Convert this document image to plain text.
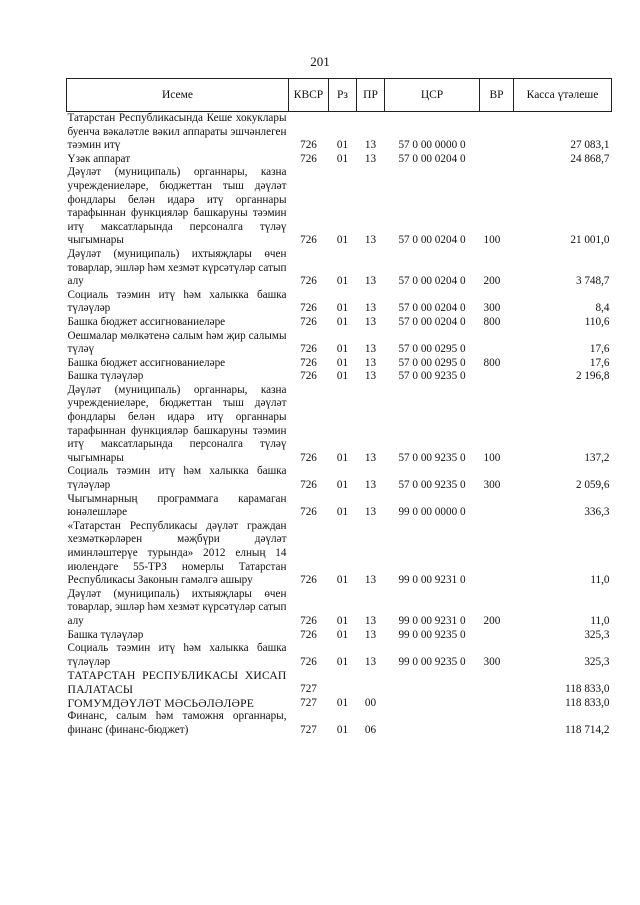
201
Исеме	КВСР	Рз	ПР	ЦСР	ВР	Касса үтәлеше
Татарстан Республикасында Кеше хокуклары буенча вәкаләтле вәкил аппараты эшчәнлеген тәэмин итү	726	01	13	57 0 00 0000 0		27 083,1
Үзәк аппарат	726	01	13	57 0 00 0204 0		24 868,7
Дәүләт (муниципаль) органнары, казна учреждениеләре, бюджеттан тыш дәүләт фондлары белән идарә итү органнары тарафыннан функцияләр башкаруны тәэмин итү максатларында персоналга түләү чыгымнары	726	01	13	57 0 00 0204 0	100	21 001,0
Дәүләт (муниципаль) ихтыяҗлары өчен товарлар, эшләр һәм хезмәт күрсәтүләр сатып алу	726	01	13	57 0 00 0204 0	200	3 748,7
Социаль тәэмин итү һәм халыкка башка түләүләр	726	01	13	57 0 00 0204 0	300	8,4
Башка бюджет ассигнованиеләре	726	01	13	57 0 00 0204 0	800	110,6
Оешмалар мөлкәтенә салым һәм җир салымы түләү	726	01	13	57 0 00 0295 0		17,6
Башка бюджет ассигнованиеләре	726	01	13	57 0 00 0295 0	800	17,6
Башка түләүләр	726	01	13	57 0 00 9235 0		2 196,8
Дәүләт (муниципаль) органнары, казна учреждениеләре, бюджеттан тыш дәүләт фондлары белән идарә итү органнары тарафыннан функцияләр башкаруны тәэмин итү максатларында персоналга түләү чыгымнары	726	01	13	57 0 00 9235 0	100	137,2
Социаль тәэмин итү һәм халыкка башка түләүләр	726	01	13	57 0 00 9235 0	300	2 059,6
Чыгымнарның программага карамаган юнәлешләре	726	01	13	99 0 00 0000 0		336,3
«Татарстан Республикасы дәүләт граждан хезмәткәрләрен мәҗбүри дәүләт иминләштерүе турында» 2012 елның 14 июлендәге 55-ТРЗ номерлы Татарстан Республикасы Законын гамәлгә ашыру	726	01	13	99 0 00 9231 0		11,0
Дәүләт (муниципаль) ихтыяҗлары өчен товарлар, эшләр һәм хезмәт күрсәтүләр сатып алу	726	01	13	99 0 00 9231 0	200	11,0
Башка түләүләр	726	01	13	99 0 00 9235 0		325,3
Социаль тәэмин итү һәм халыкка башка түләүләр	726	01	13	99 0 00 9235 0	300	325,3
ТАТАРСТАН РЕСПУБЛИКАСЫ ХИСАП ПАЛАТАСЫ	727					118 833,0
ГОМУМДӘҮЛӘТ МӘСЬӘЛӘЛӘРЕ	727	01	00			118 833,0
Финанс, салым һәм таможня органнары, финанс (финанс-бюджет)	727	01	06			118 714,2
